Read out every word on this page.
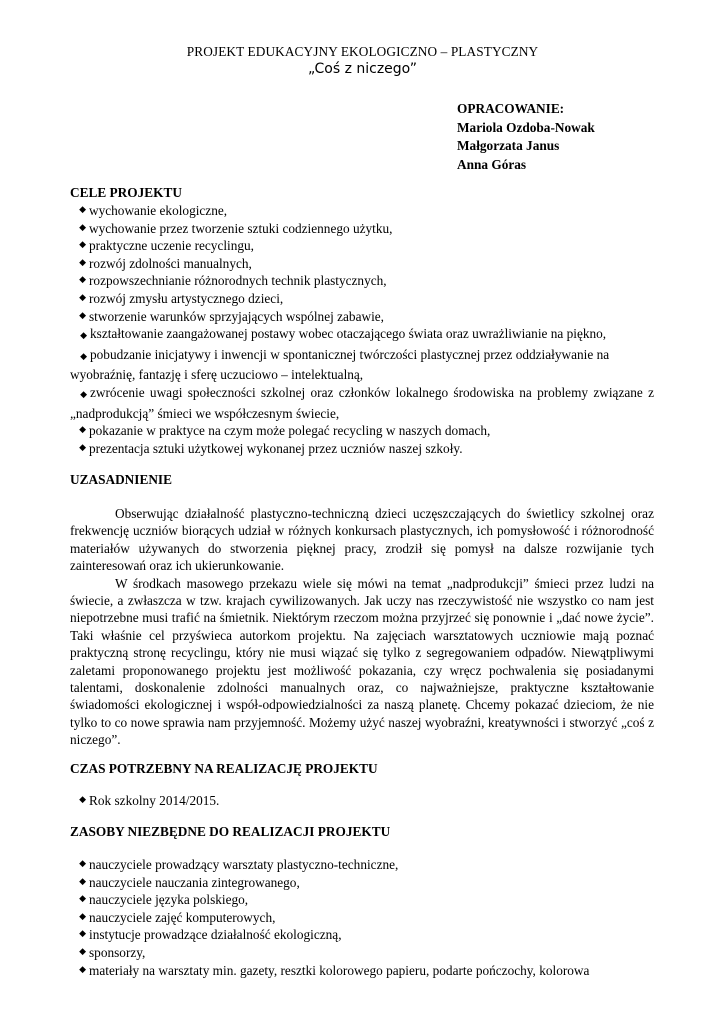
PROJEKT EDUKACYJNY EKOLOGICZNO – PLASTYCZNY
„Coś z niczego”
OPRACOWANIE:
Mariola Ozdoba-Nowak
Małgorzata Janus
Anna Góras
CELE PROJEKTU
◆ wychowanie ekologiczne,
◆ wychowanie przez tworzenie sztuki codziennego użytku,
◆ praktyczne uczenie recyclingu,
◆ rozwój zdolności manualnych,
◆ rozpowszechnianie różnorodnych technik plastycznych,
◆ rozwój zmysłu artystycznego dzieci,
◆ stworzenie warunków sprzyjających wspólnej zabawie,
◆ kształtowanie zaangażowanej postawy wobec otaczającego świata oraz uwrażliwianie na piękno,
◆ pobudzanie inicjatywy i inwencji w spontanicznej twórczości plastycznej przez oddziaływanie na wyobraźnię, fantazję i sferę uczuciowo – intelektualną,
◆ zwrócenie uwagi społeczności szkolnej oraz członków lokalnego środowiska na problemy związane z „nadprodukcją” śmieci we współczesnym świecie,
◆ pokazanie w praktyce na czym może polegać recycling w naszych domach,
◆ prezentacja sztuki użytkowej wykonanej przez uczniów naszej szkoły.
UZASADNIENIE

Obserwując działalność plastyczno-techniczną dzieci uczęszczających do świetlicy szkolnej oraz frekwencję uczniów biorących udział w różnych konkursach plastycznych, ich pomysłowość i różnorodność materiałów używanych do stworzenia pięknej pracy, zrodził się pomysł na dalsze rozwijanie tych zainteresowań oraz ich ukierunkowanie.

W środkach masowego przekazu wiele się mówi na temat „nadprodukcji” śmieci przez ludzi na świecie, a zwłaszcza w tzw. krajach cywilizowanych. Jak uczy nas rzeczywistość nie wszystko co nam jest niepotrzebne musi trafić na śmietnik. Niektórym rzeczom można przyjrzeć się ponownie i „dać nowe życie”. Taki właśnie cel przyświeca autorkom projektu. Na zajęciach warsztatowych uczniowie mają poznać praktyczną stronę recyclingu, który nie musi wiązać się tylko z segregowaniem odpadów. Niewątpliwymi zaletami proponowanego projektu jest możliwość pokazania, czy wręcz pochwalenia się posiadanymi talentami, doskonalenie zdolności manualnych oraz, co najważniejsze, praktyczne kształtowanie świadomości ekologicznej i współ-odpowiedzialności za naszą planetę. Chcemy pokazać dzieciom, że nie tylko to co nowe sprawia nam przyjemność. Możemy użyć naszej wyobraźni, kreatywności i stworzyć „coś z niczego”.

CZAS POTRZEBNY NA REALIZACJĘ PROJEKTU
◆ Rok szkolny 2014/2015.
ZASOBY NIEZBĘDNE DO REALIZACJI PROJEKTU
◆ nauczyciele prowadzący warsztaty plastyczno-techniczne,
◆ nauczyciele nauczania zintegrowanego,
◆ nauczyciele języka polskiego,
◆ nauczyciele zajęć komputerowych,
◆ instytucje prowadzące działalność ekologiczną,
◆ sponsorzy,
◆ materiały na warsztaty min. gazety, resztki kolorowego papieru, podarte pończochy, kolorowa
